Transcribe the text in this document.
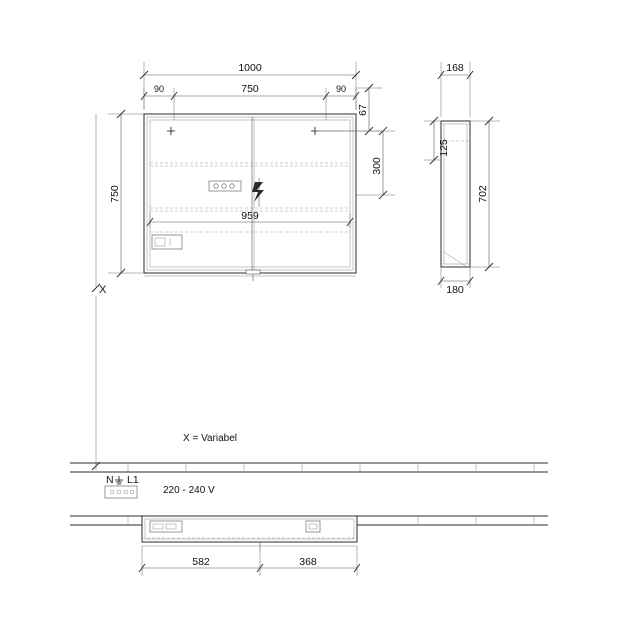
1000
90	750	90
67
300
750
959
168
125
702
180
X
X = Variabel
N L1
220 - 240 V
582	368
